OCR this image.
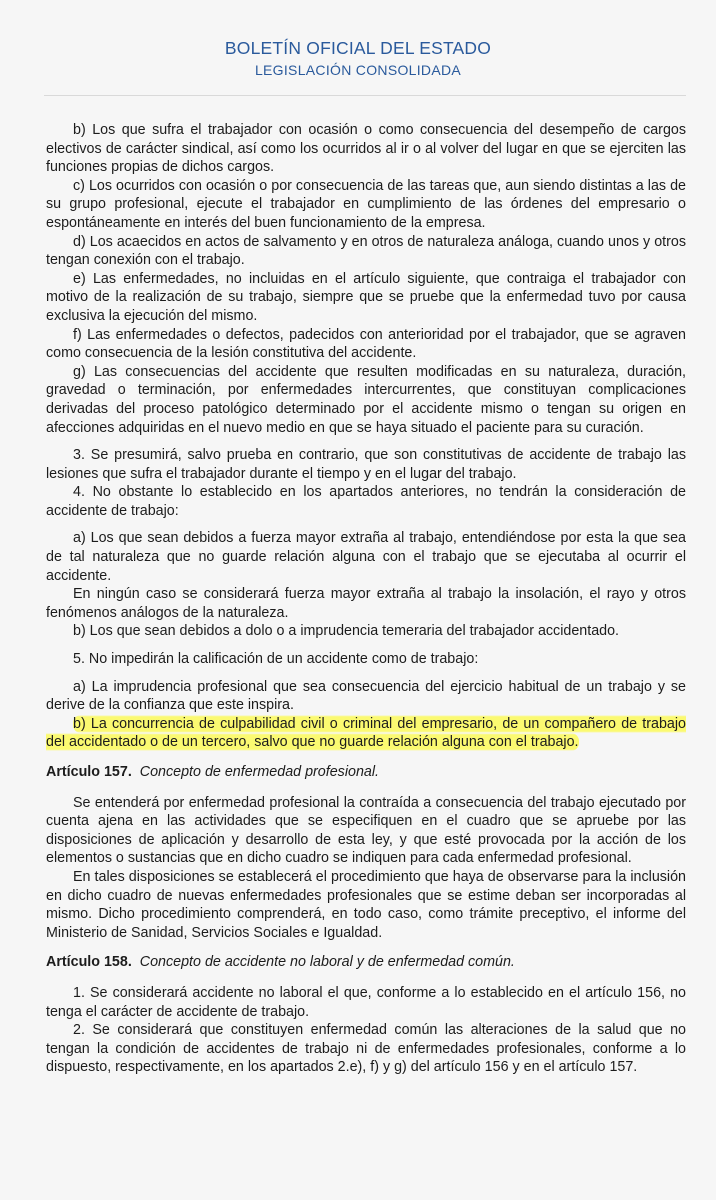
BOLETÍN OFICIAL DEL ESTADO
LEGISLACIÓN CONSOLIDADA

b) Los que sufra el trabajador con ocasión o como consecuencia del desempeño de cargos electivos de carácter sindical, así como los ocurridos al ir o al volver del lugar en que se ejerciten las funciones propias de dichos cargos.

c) Los ocurridos con ocasión o por consecuencia de las tareas que, aun siendo distintas a las de su grupo profesional, ejecute el trabajador en cumplimiento de las órdenes del empresario o espontáneamente en interés del buen funcionamiento de la empresa.

d) Los acaecidos en actos de salvamento y en otros de naturaleza análoga, cuando unos y otros tengan conexión con el trabajo.

e) Las enfermedades, no incluidas en el artículo siguiente, que contraiga el trabajador con motivo de la realización de su trabajo, siempre que se pruebe que la enfermedad tuvo por causa exclusiva la ejecución del mismo.

f) Las enfermedades o defectos, padecidos con anterioridad por el trabajador, que se agraven como consecuencia de la lesión constitutiva del accidente.

g) Las consecuencias del accidente que resulten modificadas en su naturaleza, duración, gravedad o terminación, por enfermedades intercurrentes, que constituyan complicaciones derivadas del proceso patológico determinado por el accidente mismo o tengan su origen en afecciones adquiridas en el nuevo medio en que se haya situado el paciente para su curación.

3. Se presumirá, salvo prueba en contrario, que son constitutivas de accidente de trabajo las lesiones que sufra el trabajador durante el tiempo y en el lugar del trabajo.

4. No obstante lo establecido en los apartados anteriores, no tendrán la consideración de accidente de trabajo:

a) Los que sean debidos a fuerza mayor extraña al trabajo, entendiéndose por esta la que sea de tal naturaleza que no guarde relación alguna con el trabajo que se ejecutaba al ocurrir el accidente.

En ningún caso se considerará fuerza mayor extraña al trabajo la insolación, el rayo y otros fenómenos análogos de la naturaleza.

b) Los que sean debidos a dolo o a imprudencia temeraria del trabajador accidentado.

5. No impedirán la calificación de un accidente como de trabajo:

a) La imprudencia profesional que sea consecuencia del ejercicio habitual de un trabajo y se derive de la confianza que este inspira.

b) La concurrencia de culpabilidad civil o criminal del empresario, de un compañero de trabajo del accidentado o de un tercero, salvo que no guarde relación alguna con el trabajo.

Artículo 157. Concepto de enfermedad profesional.

Se entenderá por enfermedad profesional la contraída a consecuencia del trabajo ejecutado por cuenta ajena en las actividades que se especifiquen en el cuadro que se apruebe por las disposiciones de aplicación y desarrollo de esta ley, y que esté provocada por la acción de los elementos o sustancias que en dicho cuadro se indiquen para cada enfermedad profesional.

En tales disposiciones se establecerá el procedimiento que haya de observarse para la inclusión en dicho cuadro de nuevas enfermedades profesionales que se estime deban ser incorporadas al mismo. Dicho procedimiento comprenderá, en todo caso, como trámite preceptivo, el informe del Ministerio de Sanidad, Servicios Sociales e Igualdad.

Artículo 158. Concepto de accidente no laboral y de enfermedad común.

1. Se considerará accidente no laboral el que, conforme a lo establecido en el artículo 156, no tenga el carácter de accidente de trabajo.

2. Se considerará que constituyen enfermedad común las alteraciones de la salud que no tengan la condición de accidentes de trabajo ni de enfermedades profesionales, conforme a lo dispuesto, respectivamente, en los apartados 2.e), f) y g) del artículo 156 y en el artículo 157.
